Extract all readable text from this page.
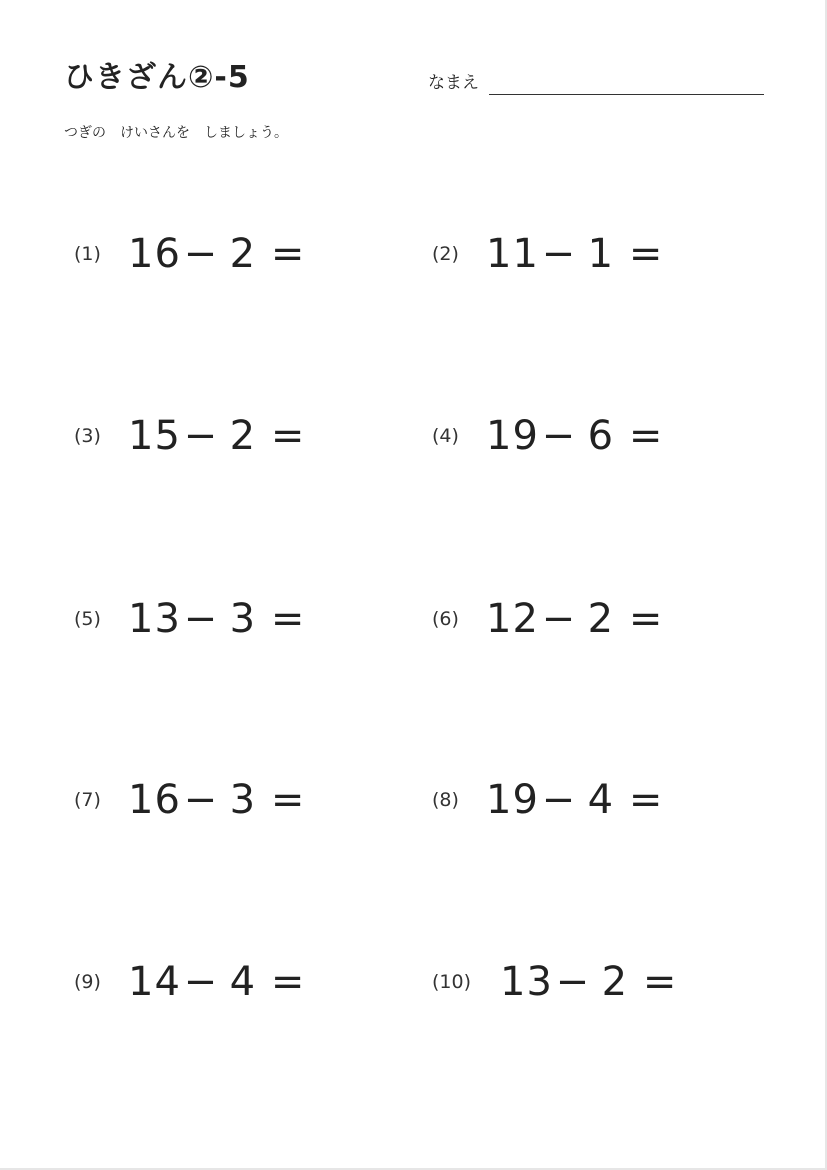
ひきざん②-5	なまえ
つぎの　けいさんを　しましょう。
(1) 16 − 2 =	(2) 11 − 1 =
(3) 15 − 2 =	(4) 19 − 6 =
(5) 13 − 3 =	(6) 12 − 2 =
(7) 16 − 3 =	(8) 19 − 4 =
(9) 14 − 4 =	(10) 13 − 2 =
